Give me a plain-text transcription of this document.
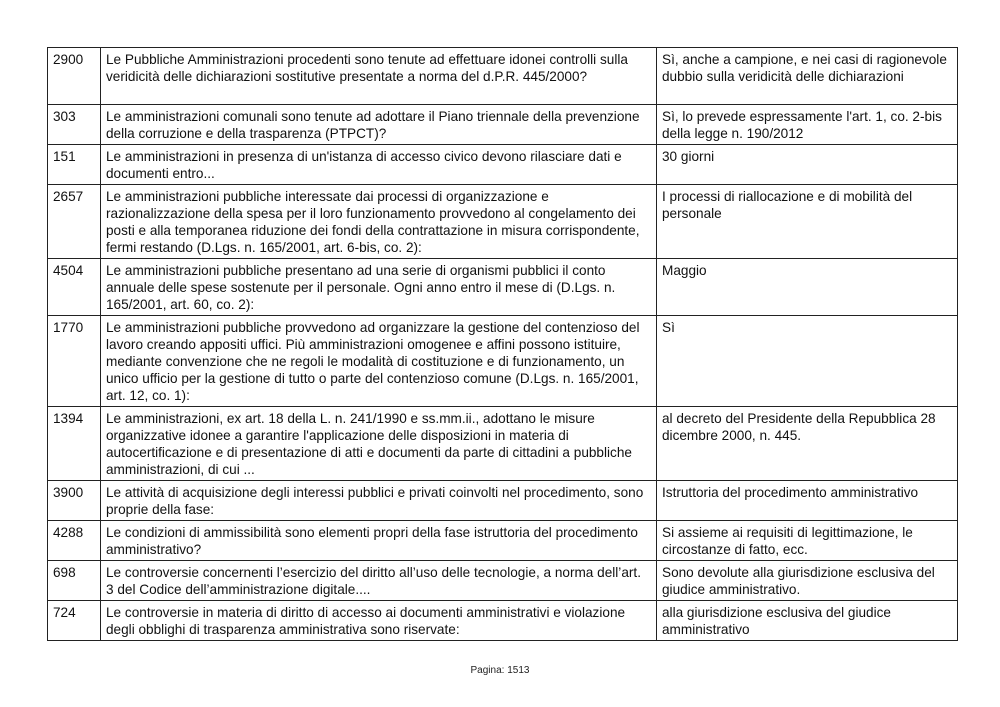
2900	Le Pubbliche Amministrazioni procedenti sono tenute ad effettuare idonei controlli sulla veridicità delle dichiarazioni sostitutive presentate a norma del d.P.R. 445/2000?	Sì, anche a campione, e nei casi di ragionevole dubbio sulla veridicità delle dichiarazioni
303	Le amministrazioni comunali sono tenute ad adottare il Piano triennale della prevenzione della corruzione e della trasparenza (PTPCT)?	Sì, lo prevede espressamente l'art. 1, co. 2-bis della legge n. 190/2012
151	Le amministrazioni in presenza di un'istanza di accesso civico devono rilasciare dati e documenti entro...	30 giorni
2657	Le amministrazioni pubbliche interessate dai processi di organizzazione e razionalizzazione della spesa per il loro funzionamento provvedono al congelamento dei posti e alla temporanea riduzione dei fondi della contrattazione in misura corrispondente, fermi restando (D.Lgs. n. 165/2001, art. 6-bis, co. 2):	I processi di riallocazione e di mobilità del personale
4504	Le amministrazioni pubbliche presentano ad una serie di organismi pubblici il conto annuale delle spese sostenute per il personale. Ogni anno entro il mese di (D.Lgs. n. 165/2001, art. 60, co. 2):	Maggio
1770	Le amministrazioni pubbliche provvedono ad organizzare la gestione del contenzioso del lavoro creando appositi uffici. Più amministrazioni omogenee e affini possono istituire, mediante convenzione che ne regoli le modalità di costituzione e di funzionamento, un unico ufficio per la gestione di tutto o parte del contenzioso comune (D.Lgs. n. 165/2001, art. 12, co. 1):	Sì
1394	Le amministrazioni, ex art. 18 della L. n. 241/1990 e ss.mm.ii., adottano le misure organizzative idonee a garantire l'applicazione delle disposizioni in materia di autocertificazione e di presentazione di atti e documenti da parte di cittadini a pubbliche amministrazioni, di cui ...	al decreto del Presidente della Repubblica 28 dicembre 2000, n. 445.
3900	Le attività di acquisizione degli interessi pubblici e privati coinvolti nel procedimento, sono proprie della fase:	Istruttoria del procedimento amministrativo
4288	Le condizioni di ammissibilità sono elementi propri della fase istruttoria del procedimento amministrativo?	Si assieme ai requisiti di legittimazione, le circostanze di fatto, ecc.
698	Le controversie concernenti l’esercizio del diritto all’uso delle tecnologie, a norma dell’art. 3 del Codice dell’amministrazione digitale....	Sono devolute alla giurisdizione esclusiva del giudice amministrativo.
724	Le controversie in materia di diritto di accesso ai documenti amministrativi e violazione degli obblighi di trasparenza amministrativa sono riservate:	alla giurisdizione esclusiva del giudice amministrativo
Pagina: 1513
